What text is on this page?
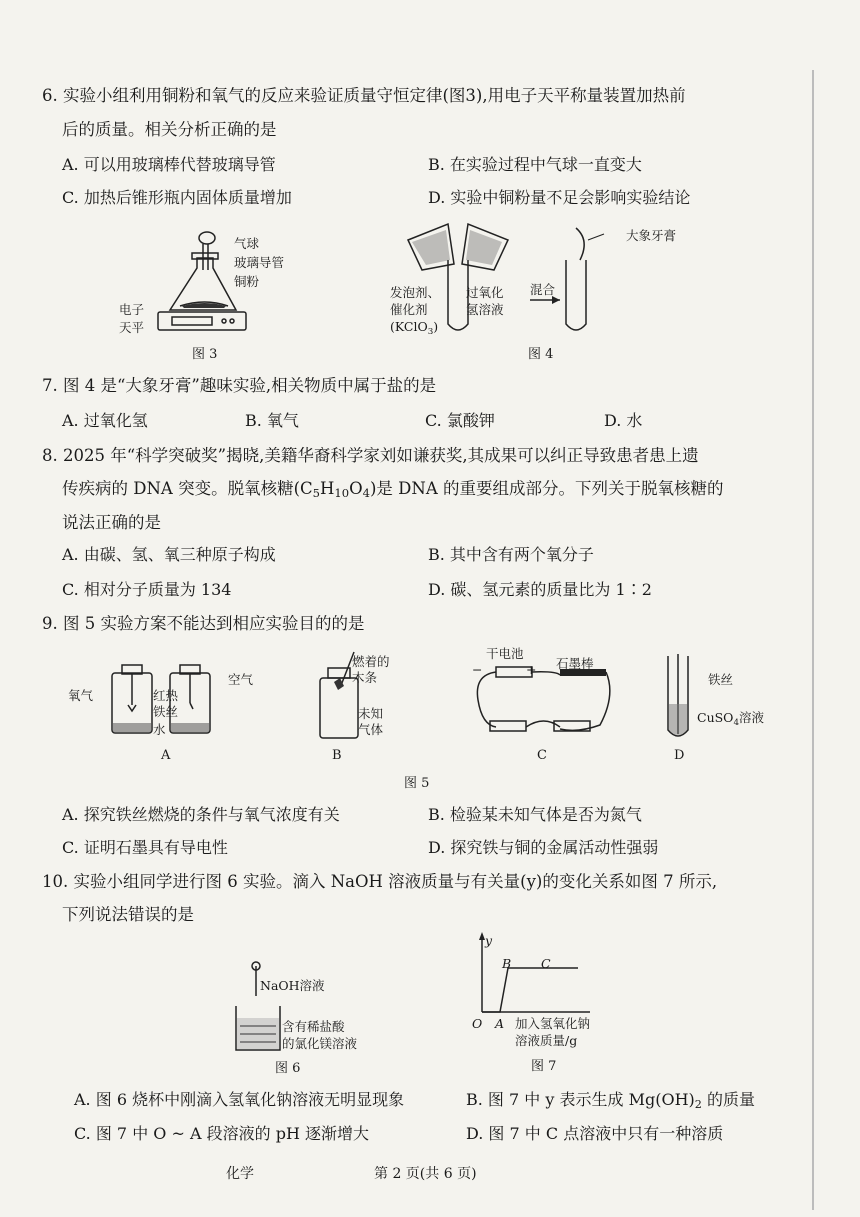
6. 实验小组利用铜粉和氧气的反应来验证质量守恒定律(图3),用电子天平称量装置加热前
后的质量。相关分析正确的是
A. 可以用玻璃棒代替玻璃导管	B. 在实验过程中气球一直变大
C. 加热后锥形瓶内固体质量增加	D. 实验中铜粉量不足会影响实验结论
气球
玻璃导管
铜粉
电子
天平
图 3
大象牙膏
混合
发泡剂、
催化剂
(KClO$_3$)
过氧化
氢溶液
图 4
7. 图 4 是“大象牙膏”趣味实验,相关物质中属于盐的是
A. 过氧化氢	B. 氧气	C. 氯酸钾	D. 水
8. 2025 年“科学突破奖”揭晓,美籍华裔科学家刘如谦获奖,其成果可以纠正导致患者患上遗
传疾病的 DNA 突变。脱氧核糖$(C_5H_{10}O_4)$是 DNA 的重要组成部分。下列关于脱氧核糖的
说法正确的是
A. 由碳、氢、氧三种原子构成	B. 其中含有两个氧分子
C. 相对分子质量为 134	D. 碳、氢元素的质量比为 1∶2
9. 图 5 实验方案不能达到相应实验目的的是
氧气
空气
红热
铁丝
水
燃着的
木条
未知
气体
干电池
−	+ 石墨棒
铁丝
CuSO$_4$溶液
A	B	C	D
图 5
A. 探究铁丝燃烧的条件与氧气浓度有关	B. 检验某未知气体是否为氮气
C. 证明石墨具有导电性	D. 探究铁与铜的金属活动性强弱
10. 实验小组同学进行图 6 实验。滴入 NaOH 溶液质量与有关量(y)的变化关系如图 7 所示,
下列说法错误的是
NaOH溶液
含有稀盐酸
的氯化镁溶液
图 6
y
B C
O A 加入氢氧化钠
溶液质量/g
图 7
A. 图 6 烧杯中刚滴入氢氧化钠溶液无明显现象	B. 图 7 中 y 表示生成 $Mg(OH)_2$ 的质量
C. 图 7 中 O ~ A 段溶液的 pH 逐渐增大	D. 图 7 中 C 点溶液中只有一种溶质
化学	第 2 页(共 6 页)
